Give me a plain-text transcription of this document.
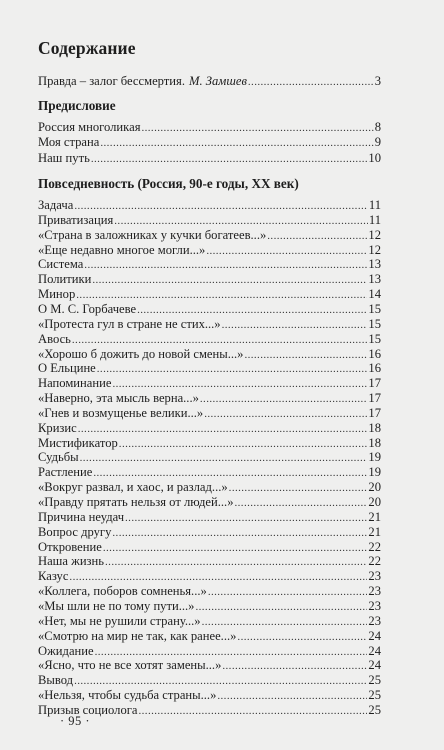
Содержание
Правда – залог бессмертия. М. Замшев .....	3
Предисловие
Россия многоликая .....	8
Моя страна .....	9
Наш путь .....	10
Повседневность (Россия, 90-е годы, XX век)
Задача .....	11
Приватизация .....	11
«Страна в заложниках у кучки богатеев...» .....	12
«Еще недавно многое могли...» .....	12
Система .....	13
Политики .....	13
Минор .....	14
О М. С. Горбачеве .....	15
«Протеста гул в стране не стих...» .....	15
Авось .....	15
«Хорошо б дожить до новой смены...» .....	16
О Ельцине .....	16
Напоминание .....	17
«Наверно, эта мысль верна...» .....	17
«Гнев и возмущенье велики...» .....	17
Кризис .....	18
Мистификатор .....	18
Судьбы .....	19
Растление .....	19
«Вокруг развал, и хаос, и разлад...» .....	20
«Правду прятать нельзя от людей...» .....	20
Причина неудач .....	21
Вопрос другу .....	21
Откровение .....	22
Наша жизнь .....	22
Казус .....	23
«Коллега, поборов сомненья...» .....	23
«Мы шли не по тому пути...» .....	23
«Нет, мы не рушили страну...» .....	23
«Смотрю на мир не так, как ранее...» .....	24
Ожидание .....	24
«Ясно, что не все хотят замены...» .....	24
Вывод .....	25
«Нельзя, чтобы судьба страны...» .....	25
Призыв социолога .....	25
· 95 ·
